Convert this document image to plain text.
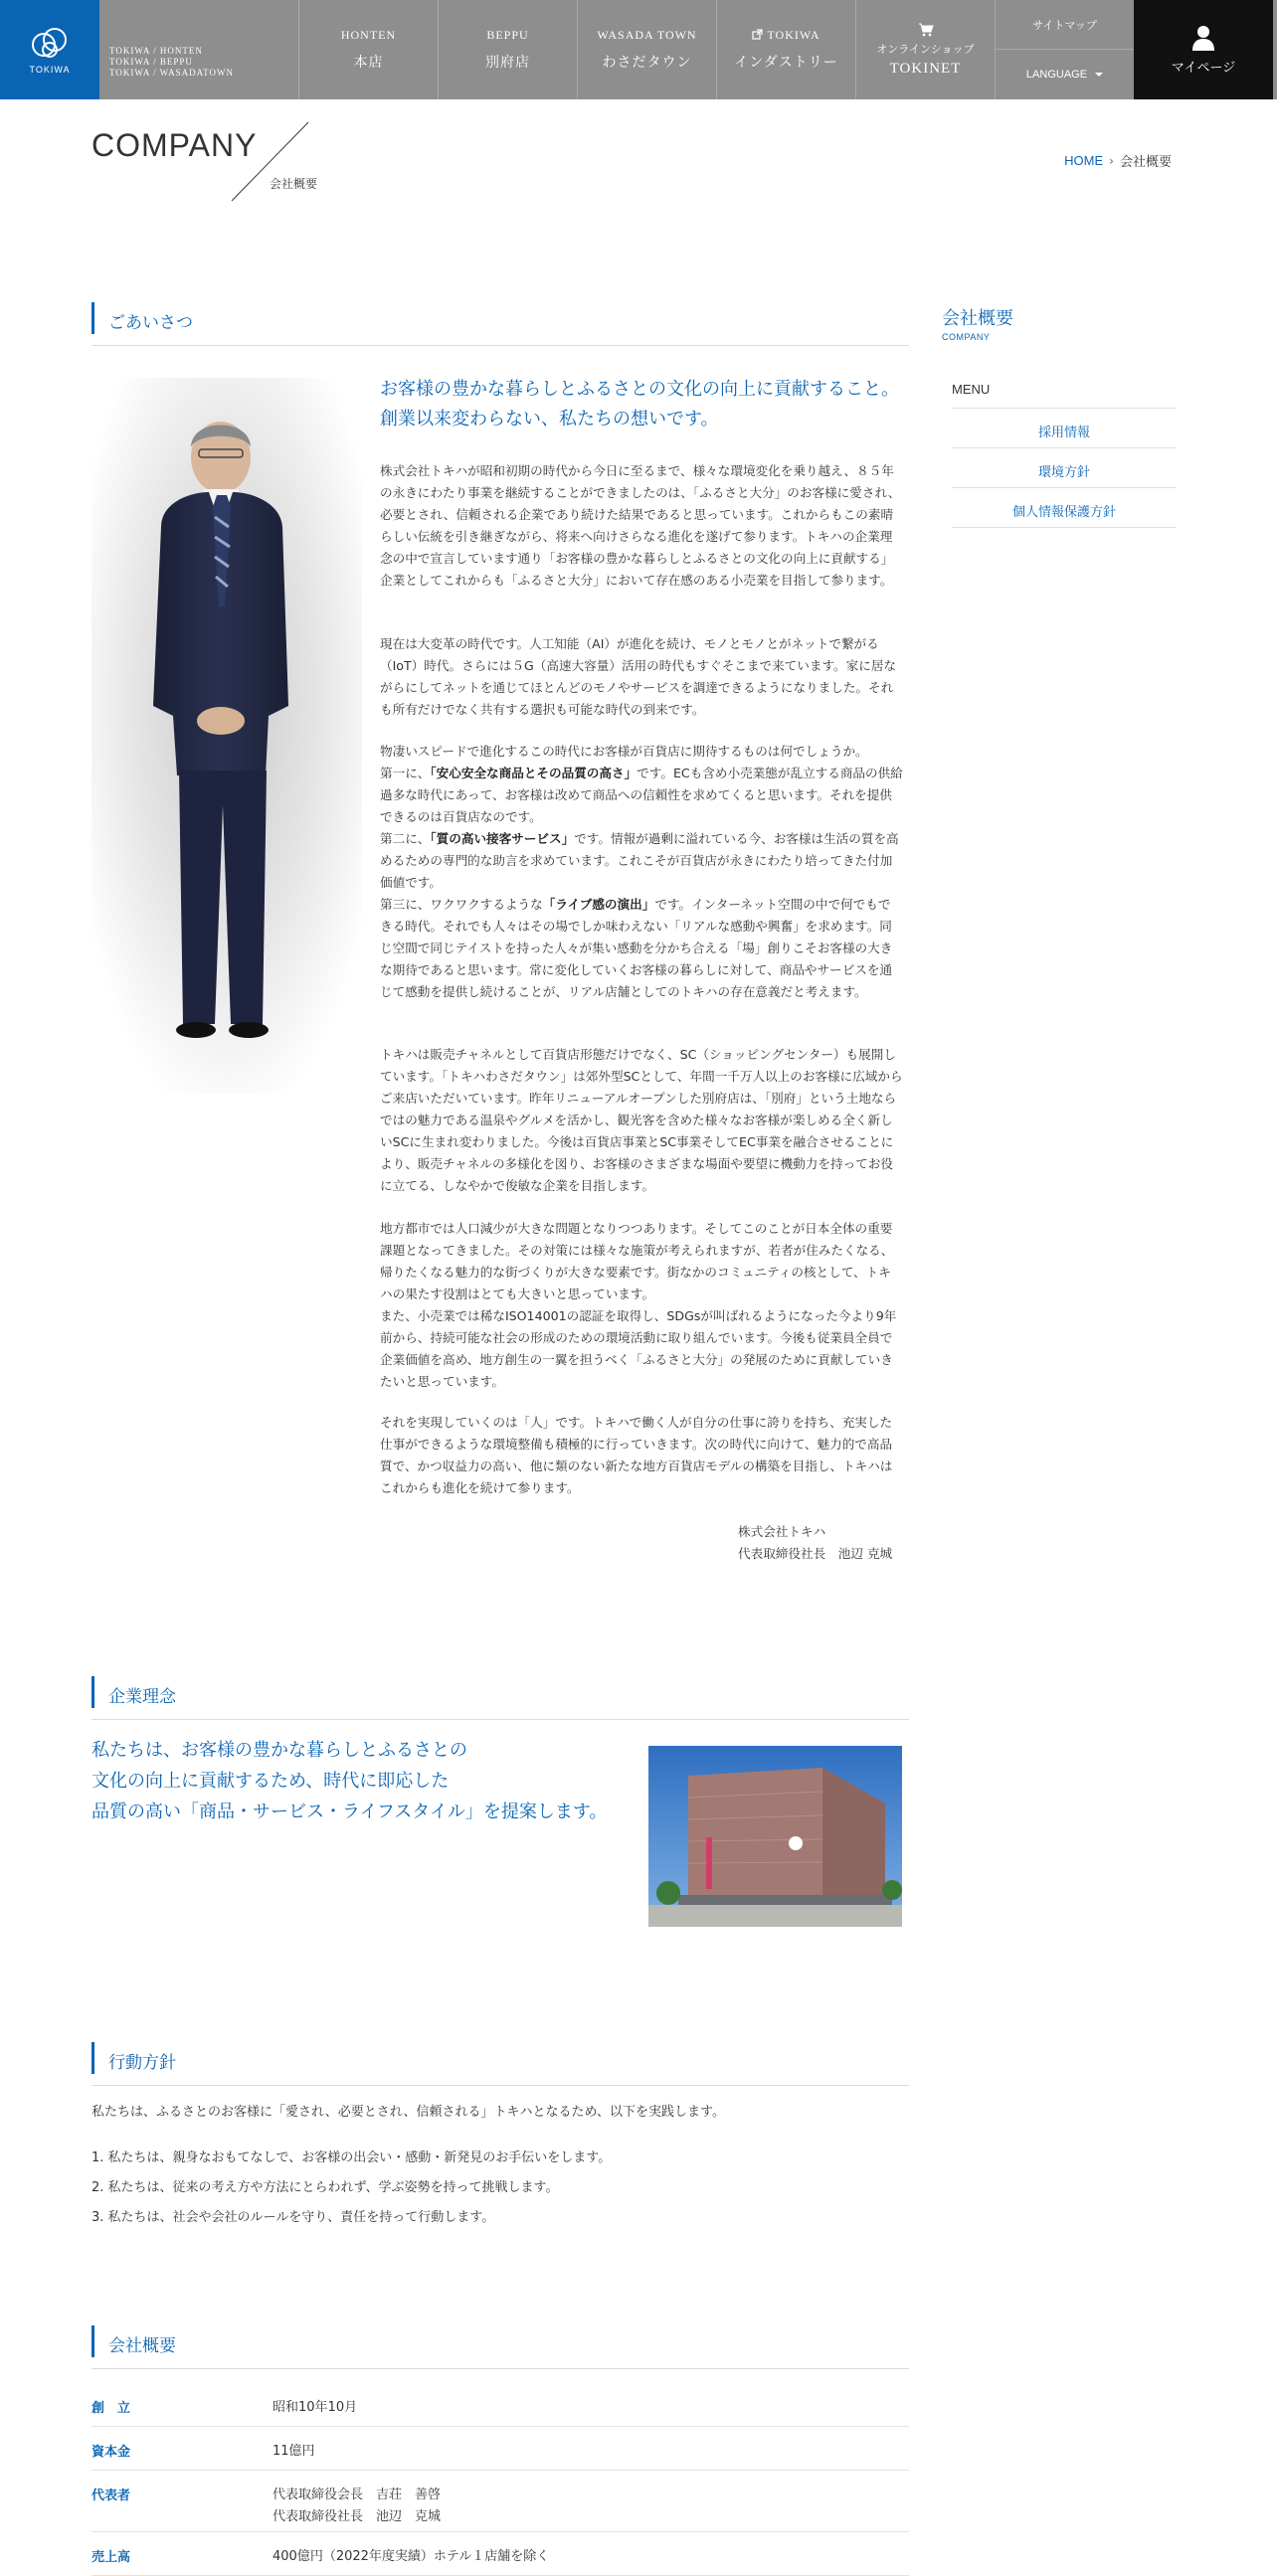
TOKIWA
TOKIWA / HONTEN
TOKIWA / BEPPU
TOKIWA / WASADATOWN
HONTEN
本店
BEPPU
別府店
WASADA TOWN
わさだタウン
TOKIWA
インダストリー
オンラインショップ
TOKINET
サイトマップ
LANGUAGE	マイページ
COMPANY
会社概要
HOME › 会社概要
ごあいさつ
お客様の豊かな暮らしとふるさとの文化の向上に貢献すること。創業以来変わらない、私たちの想いです。
株式会社トキハが昭和初期の時代から今日に至るまで、様々な環境変化を乗り越え、８５年の永きにわたり事業を継続することができましたのは、「ふるさと大分」のお客様に愛され、必要とされ、信頼される企業であり続けた結果であると思っています。これからもこの素晴らしい伝統を引き継ぎながら、将来へ向けさらなる進化を遂げて参ります。トキハの企業理念の中で宣言しています通り「お客様の豊かな暮らしとふるさとの文化の向上に貢献する」企業としてこれからも「ふるさと大分」において存在感のある小売業を目指して参ります。
現在は大変革の時代です。人工知能（AI）が進化を続け、モノとモノとがネットで繋がる（IoT）時代。さらには５G（高速大容量）活用の時代もすぐそこまで来ています。家に居ながらにしてネットを通じてほとんどのモノやサービスを調達できるようになりました。それも所有だけでなく共有する選択も可能な時代の到来です。

物凄いスピードで進化するこの時代にお客様が百貨店に期待するものは何でしょうか。

第一に、「安心安全な商品とその品質の高さ」です。ECも含め小売業態が乱立する商品の供給過多な時代にあって、お客様は改めて商品への信頼性を求めてくると思います。それを提供できるのは百貨店なのです。

第二に、「質の高い接客サービス」です。情報が過剰に溢れている今、お客様は生活の質を高めるための専門的な助言を求めています。これこそが百貨店が永きにわたり培ってきた付加価値です。

第三に、ワクワクするような「ライブ感の演出」です。インターネット空間の中で何でもできる時代。それでも人々はその場でしか味わえない「リアルな感動や興奮」を求めます。同じ空間で同じテイストを持った人々が集い感動を分かち合える「場」創りこそお客様の大きな期待であると思います。常に変化していくお客様の暮らしに対して、商品やサービスを通じて感動を提供し続けることが、リアル店舗としてのトキハの存在意義だと考えます。

トキハは販売チャネルとして百貨店形態だけでなく、SC（ショッピングセンター）も展開しています。「トキハわさだタウン」は郊外型SCとして、年間一千万人以上のお客様に広域からご来店いただいています。昨年リニューアルオープンした別府店は、「別府」という土地ならではの魅力である温泉やグルメを活かし、観光客を含めた様々なお客様が楽しめる全く新しいSCに生まれ変わりました。今後は百貨店事業とSC事業そしてEC事業を融合させることにより、販売チャネルの多様化を図り、お客様のさまざまな場面や要望に機動力を持ってお役に立てる、しなやかで俊敏な企業を目指します。

地方都市では人口減少が大きな問題となりつつあります。そしてこのことが日本全体の重要課題となってきました。その対策には様々な施策が考えられますが、若者が住みたくなる、帰りたくなる魅力的な街づくりが大きな要素です。街なかのコミュニティの核として、トキハの果たす役割はとても大きいと思っています。

また、小売業では稀なISO14001の認証を取得し、SDGsが叫ばれるようになった今より9年前から、持続可能な社会の形成のための環境活動に取り組んでいます。今後も従業員全員で企業価値を高め、地方創生の一翼を担うべく「ふるさと大分」の発展のために貢献していきたいと思っています。

それを実現していくのは「人」です。トキハで働く人が自分の仕事に誇りを持ち、充実した仕事ができるような環境整備も積極的に行っていきます。次の時代に向けて、魅力的で高品質で、かつ収益力の高い、他に類のない新たな地方百貨店モデルの構築を目指し、トキハはこれからも進化を続けて参ります。
株式会社トキハ
代表取締役社長　池辺 克城
会社概要
COMPANY
MENU
採用情報
環境方針
個人情報保護方針
企業理念
私たちは、お客様の豊かな暮らしとふるさとの
文化の向上に貢献するため、時代に即応した
品質の高い「商品・サービス・ライフスタイル」を提案します。
行動方針
私たちは、ふるさとのお客様に「愛され、必要とされ、信頼される」トキハとなるため、以下を実践します。
1. 私たちは、親身なおもてなしで、お客様の出会い・感動・新発見のお手伝いをします。
2. 私たちは、従来の考え方や方法にとらわれず、学ぶ姿勢を持って挑戦します。
3. 私たちは、社会や会社のルールを守り、責任を持って行動します。
会社概要
創　立	昭和10年10月
資本金	11億円
代表者	代表取締役会長　吉荘　善啓
代表取締役社長　池辺　克城
売上高	400億円（2022年度実績）ホテル１店舗を除く
